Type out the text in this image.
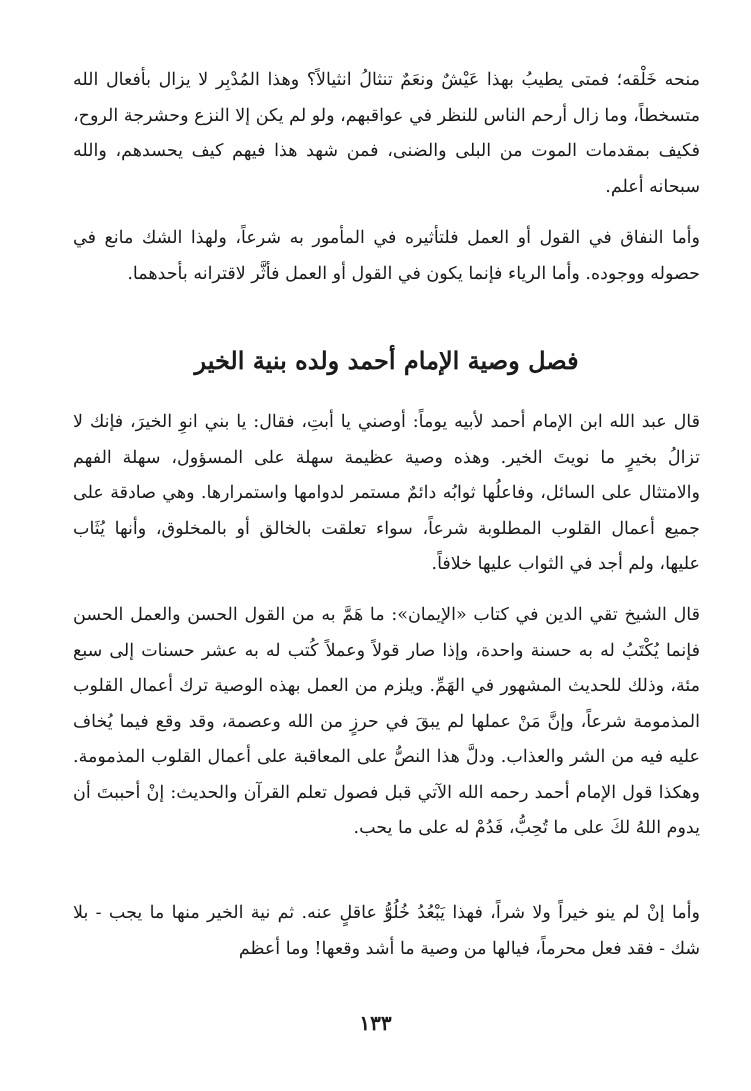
منحه خَلْقه؛ فمتى يطيبُ بهذا عَيْشٌ ونعَمٌ تنثالُ انثيالاً؟ وهذا المُدْبِر لا يزال بأفعال الله متسخطاً، وما زال أرحم الناس للنظر في عواقبهم، ولو لم يكن إلا النزع وحشرجة الروح، فكيف بمقدمات الموت من البلى والضنى، فمن شهد هذا فيهم كيف يحسدهم، والله سبحانه أعلم.

وأما النفاق في القول أو العمل فلتأثيره في المأمور به شرعاً، ولهذا الشك مانع في حصوله ووجوده. وأما الرياء فإنما يكون في القول أو العمل فأثَّر لاقترانه بأحدهما.

فصل وصية الإمام أحمد ولده بنية الخير

قال عبد الله ابن الإمام أحمد لأبيه يوماً: أوصني يا أبتِ، فقال: يا بني انوِ الخيرَ، فإنك لا تزالُ بخيرٍ ما نويتَ الخير. وهذه وصية عظيمة سهلة على المسؤول، سهلة الفهم والامتثال على السائل، وفاعلُها ثوابُه دائمٌ مستمر لدوامها واستمرارها. وهي صادقة على جميع أعمال القلوب المطلوبة شرعاً، سواء تعلقت بالخالق أو بالمخلوق، وأنها يُثَاب عليها، ولم أجد في الثواب عليها خلافاً.

قال الشيخ تقي الدين في كتاب «الإيمان»: ما هَمَّ به من القول الحسن والعمل الحسن فإنما يُكْتَبُ له به حسنة واحدة، وإذا صار قولاً وعملاً كُتب له به عشر حسنات إلى سبع مئة، وذلك للحديث المشهور في الهَمِّ. ويلزم من العمل بهذه الوصية ترك أعمال القلوب المذمومة شرعاً، وإنَّ مَنْ عملها لم يبقَ في حرزٍ من الله وعصمة، وقد وقع فيما يُخاف عليه فيه من الشر والعذاب. ودلَّ هذا النصُّ على المعاقبة على أعمال القلوب المذمومة. وهكذا قول الإمام أحمد رحمه الله الآتي قبل فصول تعلم القرآن والحديث: إنْ أحببتَ أن يدوم اللهُ لكَ على ما تُحِبُّ، فَدُمْ له على ما يحب.

وأما إنْ لم ينو خيراً ولا شراً، فهذا يَبْعُدُ خُلُوُّ عاقلٍ عنه. ثم نية الخير منها ما يجب - بلا شك - فقد فعل محرماً، فيالها من وصية ما أشد وقعها! وما أعظم

١٣٣
